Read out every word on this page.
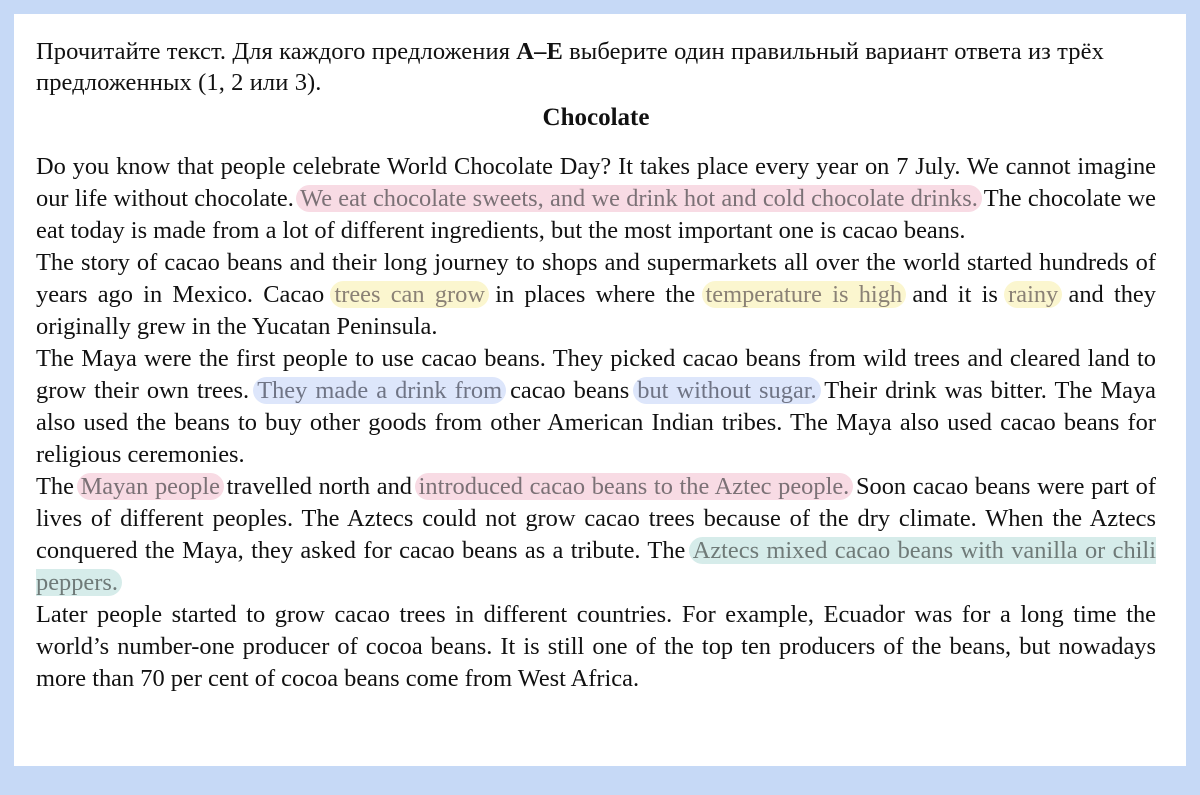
Прочитайте текст. Для каждого предложения A–E выберите один правильный вариант ответа из трёх предложенных (1, 2 или 3).

Chocolate

Do you know that people celebrate World Chocolate Day? It takes place every year on 7 July. We cannot imagine our life without chocolate. We eat chocolate sweets, and we drink hot and cold chocolate drinks. The chocolate we eat today is made from a lot of different ingredients, but the most important one is cacao beans.

The story of cacao beans and their long journey to shops and supermarkets all over the world started hundreds of years ago in Mexico. Cacao trees can grow in places where the temperature is high and it is rainy and they originally grew in the Yucatan Peninsula.

The Maya were the first people to use cacao beans. They picked cacao beans from wild trees and cleared land to grow their own trees. They made a drink from cacao beans but without sugar. Their drink was bitter. The Maya also used the beans to buy other goods from other American Indian tribes. The Maya also used cacao beans for religious ceremonies.

The Mayan people travelled north and introduced cacao beans to the Aztec people. Soon cacao beans were part of lives of different peoples. The Aztecs could not grow cacao trees because of the dry climate. When the Aztecs conquered the Maya, they asked for cacao beans as a tribute. The Aztecs mixed cacao beans with vanilla or chili peppers.

Later people started to grow cacao trees in different countries. For example, Ecuador was for a long time the world’s number-one producer of cocoa beans. It is still one of the top ten producers of the beans, but nowadays more than 70 per cent of cocoa beans come from West Africa.
